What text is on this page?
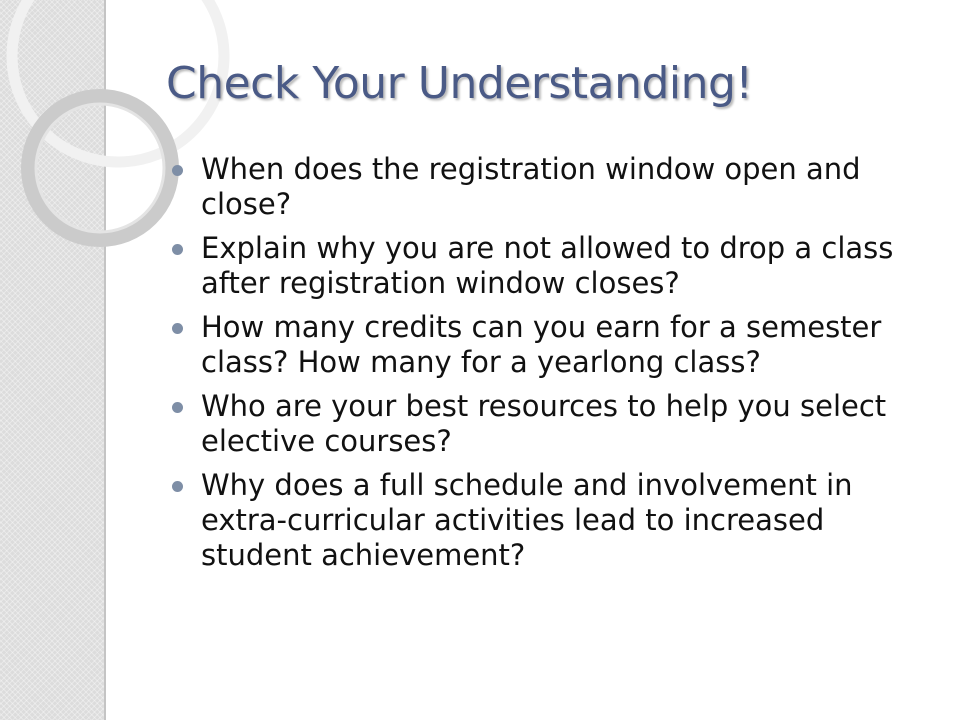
Check Your Understanding!
When does the registration window open and close?
Explain why you are not allowed to drop a class after registration window closes?
How many credits can you earn for a semester class? How many for a yearlong class?
Who are your best resources to help you select elective courses?
Why does a full schedule and involvement in extra-curricular activities lead to increased student achievement?
